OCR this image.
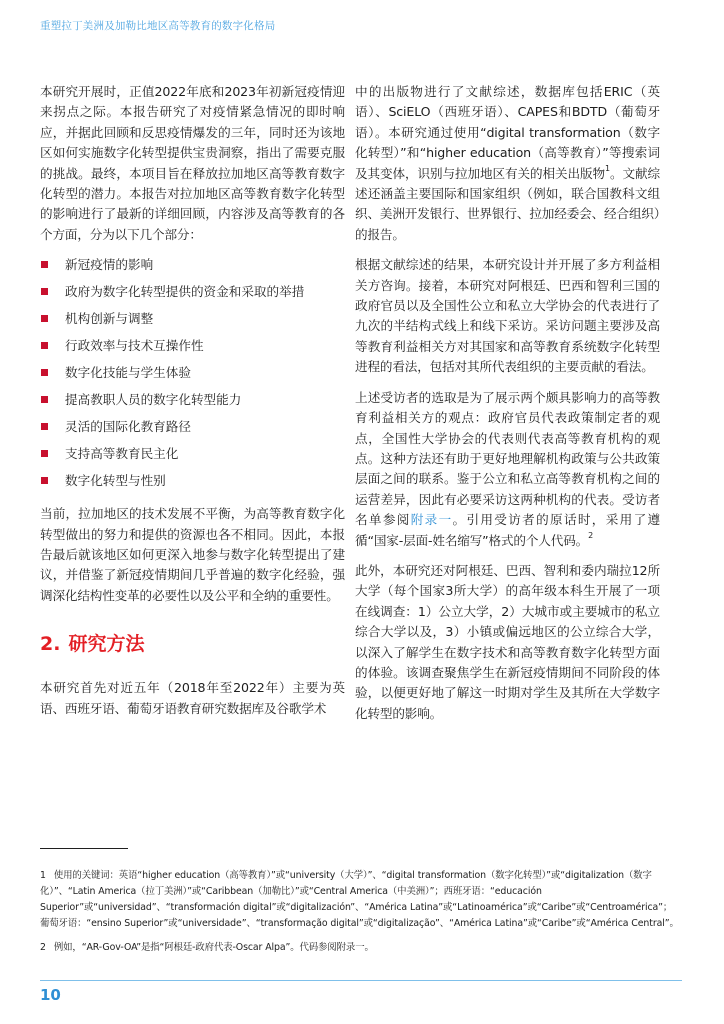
重塑拉丁美洲及加勒比地区高等教育的数字化格局

本研究开展时，正值2022年底和2023年初新冠疫情迎来拐点之际。本报告研究了对疫情紧急情况的即时响应，并据此回顾和反思疫情爆发的三年，同时还为该地区如何实施数字化转型提供宝贵洞察，指出了需要克服的挑战。最终，本项目旨在释放拉加地区高等教育数字化转型的潜力。本报告对拉加地区高等教育数字化转型的影响进行了最新的详细回顾，内容涉及高等教育的各个方面，分为以下几个部分：

新冠疫情的影响
政府为数字化转型提供的资金和采取的举措
机构创新与调整
行政效率与技术互操作性
数字化技能与学生体验
提高教职人员的数字化转型能力
灵活的国际化教育路径
支持高等教育民主化
数字化转型与性别

当前，拉加地区的技术发展不平衡，为高等教育数字化转型做出的努力和提供的资源也各不相同。因此，本报告最后就该地区如何更深入地参与数字化转型提出了建议，并借鉴了新冠疫情期间几乎普遍的数字化经验，强调深化结构性变革的必要性以及公平和全纳的重要性。

2. 研究方法

本研究首先对近五年（2018年至2022年）主要为英语、西班牙语、葡萄牙语教育研究数据库及谷歌学术

中的出版物进行了文献综述，数据库包括ERIC（英语）、SciELO（西班牙语）、CAPES和BDTD（葡萄牙语）。本研究通过使用“digital transformation（数字化转型）”和“higher education（高等教育）”等搜索词及其变体，识别与拉加地区有关的相关出版物$^1$。文献综述还涵盖主要国际和国家组织（例如，联合国教科文组织、美洲开发银行、世界银行、拉加经委会、经合组织）的报告。

根据文献综述的结果，本研究设计并开展了多方利益相关方咨询。接着，本研究对阿根廷、巴西和智利三国的政府官员以及全国性公立和私立大学协会的代表进行了九次的半结构式线上和线下采访。采访问题主要涉及高等教育利益相关方对其国家和高等教育系统数字化转型进程的看法，包括对其所代表组织的主要贡献的看法。

上述受访者的选取是为了展示两个颇具影响力的高等教育利益相关方的观点：政府官员代表政策制定者的观点，全国性大学协会的代表则代表高等教育机构的观点。这种方法还有助于更好地理解机构政策与公共政策层面之间的联系。鉴于公立和私立高等教育机构之间的运营差异，因此有必要采访这两种机构的代表。受访者名单参阅附录一。引用受访者的原话时，采用了遵循“国家-层面-姓名缩写”格式的个人代码。$^2$

此外，本研究还对阿根廷、巴西、智利和委内瑞拉12所大学（每个国家3所大学）的高年级本科生开展了一项在线调查：1）公立大学，2）大城市或主要城市的私立综合大学以及，3）小镇或偏远地区的公立综合大学，以深入了解学生在数字技术和高等教育数字化转型方面的体验。该调查聚焦学生在新冠疫情期间不同阶段的体验，以便更好地了解这一时期对学生及其所在大学数字化转型的影响。

1 使用的关键词：英语“higher education（高等教育）”或“university（大学）”、“digital transformation（数字化转型）”或“digitalization（数字化）”、“Latin America（拉丁美洲）”或“Caribbean（加勒比）”或“Central America（中美洲）”；西班牙语：“educación Superior”或“universidad”、“transformación digital”或“digitalización”、“América Latina”或“Latinoamérica”或“Caribe”或“Centroamérica”；葡萄牙语：“ensino Superior”或“universidade”、“transformação digital”或“digitalização”、“América Latina”或“Caribe”或“América Central”。

2 例如，“AR-Gov-OA”是指“阿根廷-政府代表-Oscar Alpa”。代码参阅附录一。

10
